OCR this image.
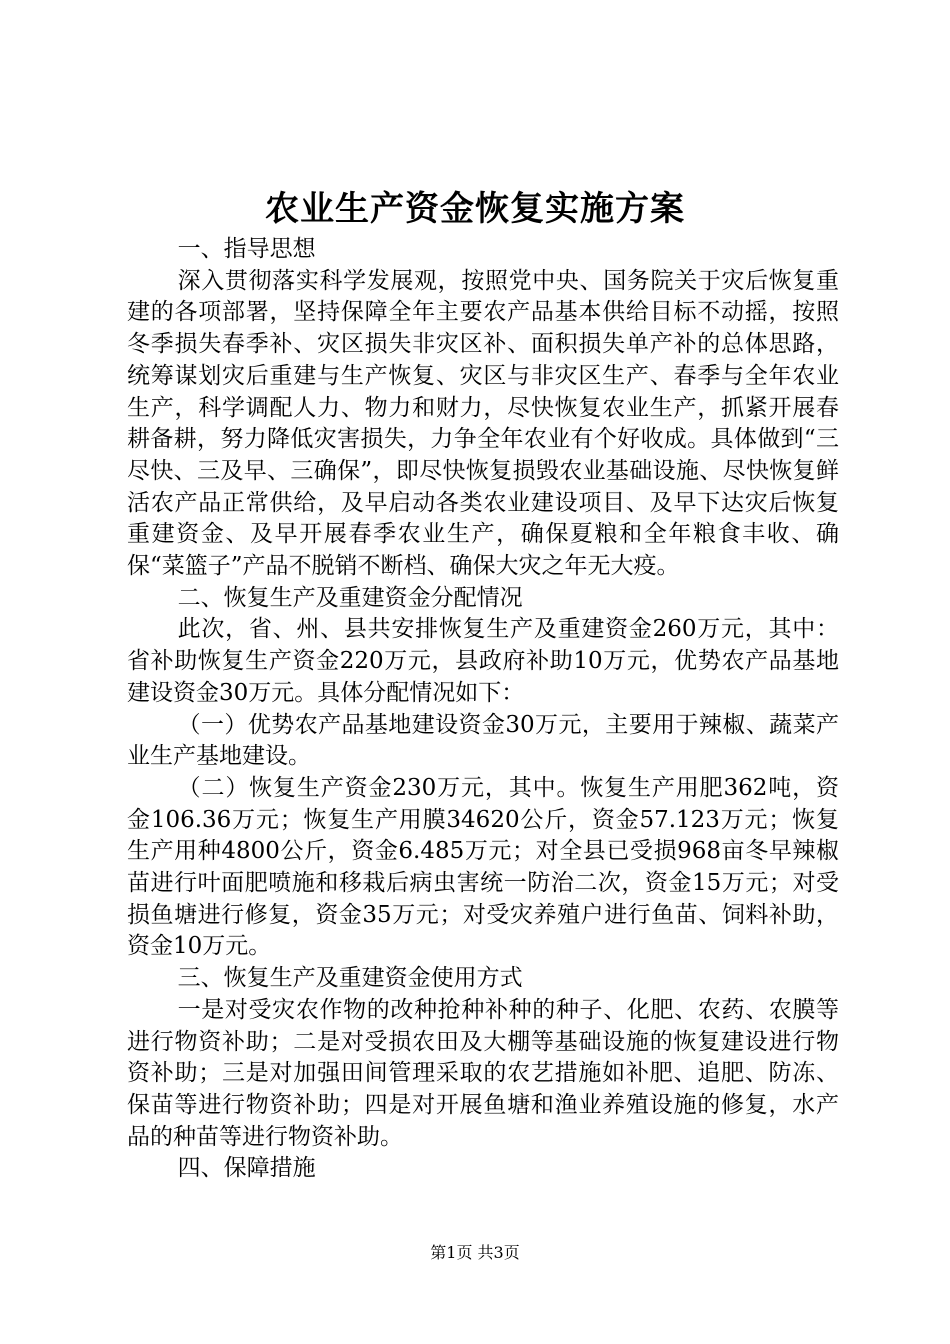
农业生产资金恢复实施方案

一、指导思想

深入贯彻落实科学发展观，按照党中央、国务院关于灾后恢复重建的各项部署，坚持保障全年主要农产品基本供给目标不动摇，按照冬季损失春季补、灾区损失非灾区补、面积损失单产补的总体思路，统筹谋划灾后重建与生产恢复、灾区与非灾区生产、春季与全年农业生产，科学调配人力、物力和财力，尽快恢复农业生产，抓紧开展春耕备耕，努力降低灾害损失，力争全年农业有个好收成。具体做到“三尽快、三及早、三确保”，即尽快恢复损毁农业基础设施、尽快恢复鲜活农产品正常供给，及早启动各类农业建设项目、及早下达灾后恢复重建资金、及早开展春季农业生产，确保夏粮和全年粮食丰收、确保“菜篮子”产品不脱销不断档、确保大灾之年无大疫。

二、恢复生产及重建资金分配情况

此次，省、州、县共安排恢复生产及重建资金260万元，其中：省补助恢复生产资金220万元，县政府补助10万元，优势农产品基地建设资金30万元。具体分配情况如下：

（一）优势农产品基地建设资金30万元，主要用于辣椒、蔬菜产业生产基地建设。

（二）恢复生产资金230万元，其中。恢复生产用肥362吨，资金106.36万元；恢复生产用膜34620公斤，资金57.123万元；恢复生产用种4800公斤，资金6.485万元；对全县已受损968亩冬早辣椒苗进行叶面肥喷施和移栽后病虫害统一防治二次，资金15万元；对受损鱼塘进行修复，资金35万元；对受灾养殖户进行鱼苗、饲料补助，资金10万元。

三、恢复生产及重建资金使用方式

一是对受灾农作物的改种抢种补种的种子、化肥、农药、农膜等进行物资补助；二是对受损农田及大棚等基础设施的恢复建设进行物资补助；三是对加强田间管理采取的农艺措施如补肥、追肥、防冻、保苗等进行物资补助；四是对开展鱼塘和渔业养殖设施的修复，水产品的种苗等进行物资补助。

四、保障措施

第1页 共3页
